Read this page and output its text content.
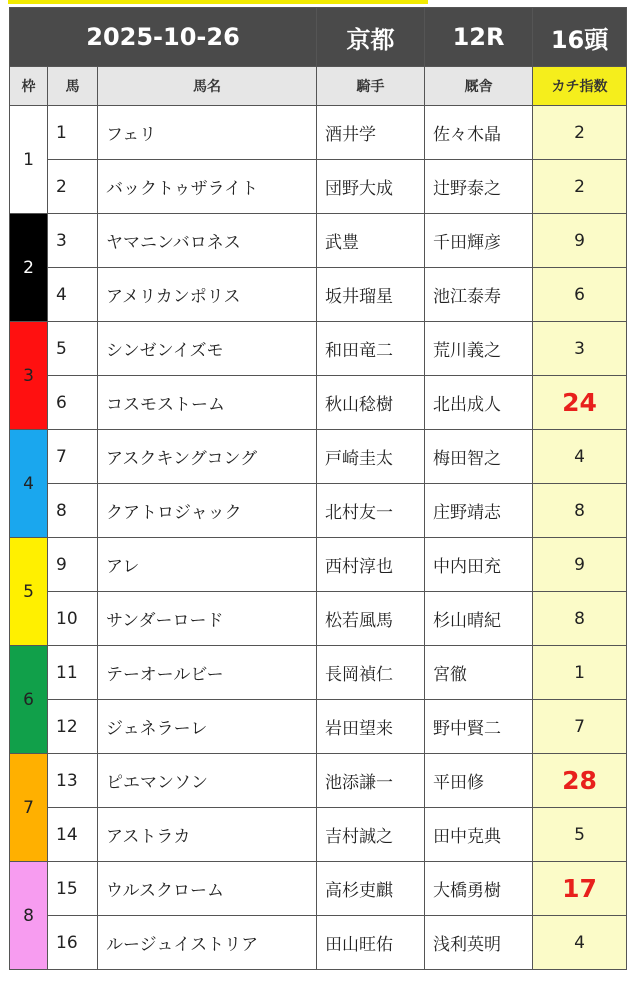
2025-10-26			京都	12R	16頭
枠	馬	馬名	騎手	厩舎	カチ指数
1	1	フェリ	酒井学	佐々木晶	2
	2	バックトゥザライト	団野大成	辻野泰之	2
2	3	ヤマニンバロネス	武豊	千田輝彦	9
	4	アメリカンポリス	坂井瑠星	池江泰寿	6
3	5	シンゼンイズモ	和田竜二	荒川義之	3
	6	コスモストーム	秋山稔樹	北出成人	24
4	7	アスクキングコング	戸崎圭太	梅田智之	4
	8	クアトロジャック	北村友一	庄野靖志	8
5	9	アレ	西村淳也	中内田充	9
	10	サンダーロード	松若風馬	杉山晴紀	8
6	11	テーオールビー	長岡禎仁	宮徹	1
	12	ジェネラーレ	岩田望来	野中賢二	7
7	13	ピエマンソン	池添謙一	平田修	28
	14	アストラカ	吉村誠之	田中克典	5
8	15	ウルスクローム	高杉吏麒	大橋勇樹	17
	16	ルージュイストリア	田山旺佑	浅利英明	4
